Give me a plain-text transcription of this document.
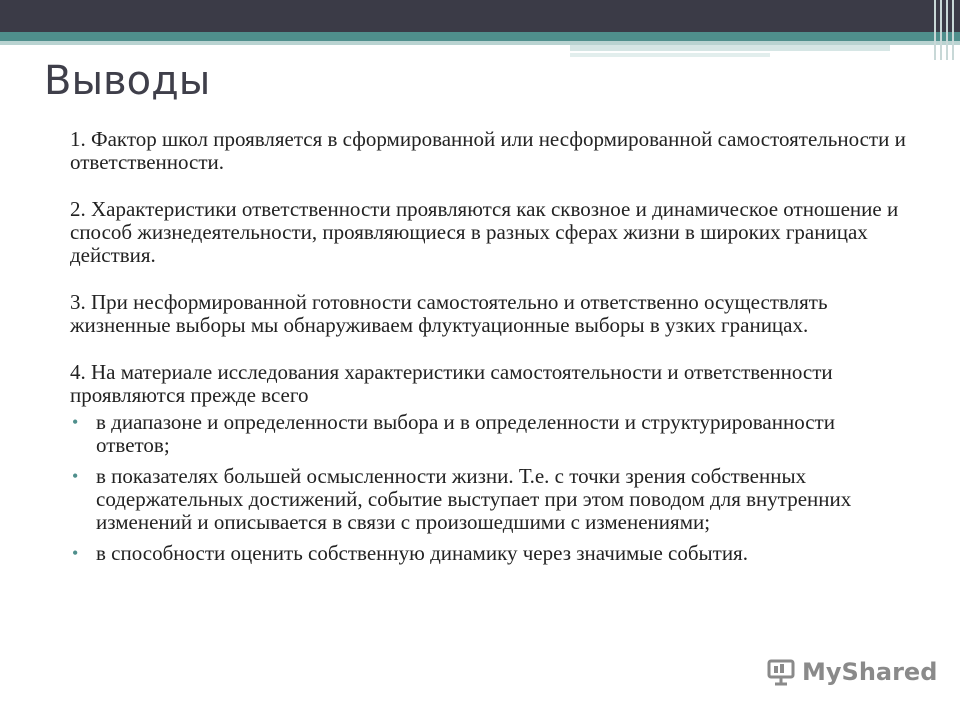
Выводы

1. Фактор школ проявляется в сформированной или несформированной самостоятельности и ответственности.

2. Характеристики ответственности проявляются как сквозное и динамическое отношение и способ жизнедеятельности, проявляющиеся в разных сферах жизни в широких границах действия.

3. При несформированной готовности самостоятельно и ответственно осуществлять жизненные выборы мы обнаруживаем флуктуационные выборы в узких границах.

4. На материале исследования характеристики самостоятельности и ответственности проявляются прежде всего

• в диапазоне и определенности выбора и в определенности и структурированности ответов;
• в показателях большей осмысленности жизни. Т.е. с точки зрения собственных содержательных достижений, событие выступает при этом поводом для внутренних изменений и описывается в связи с произошедшими с изменениями;
• в способности оценить собственную динамику через значимые события.
MyShared
